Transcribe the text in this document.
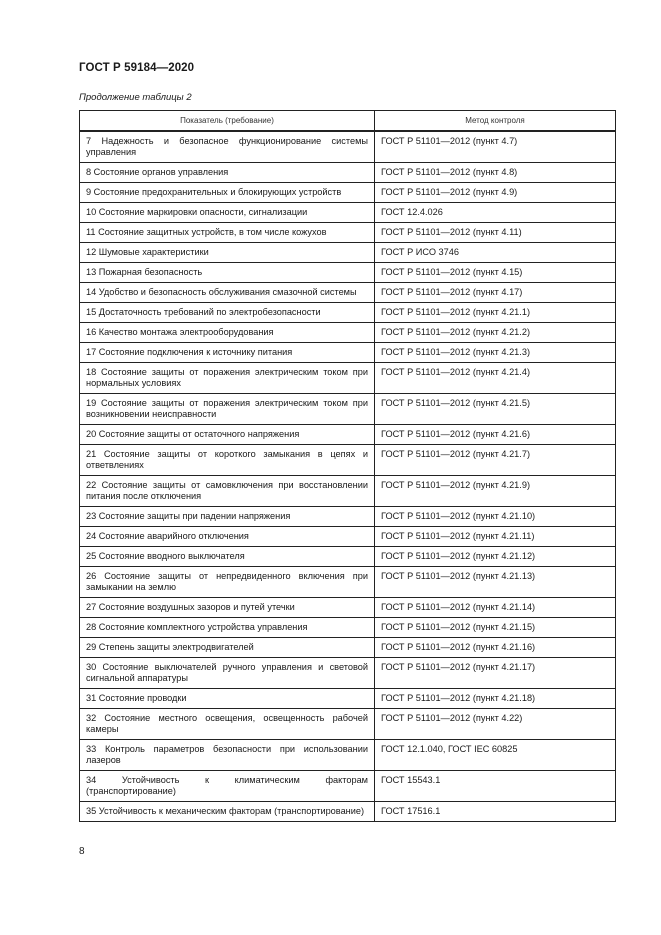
ГОСТ Р 59184—2020
Продолжение таблицы 2
Показатель (требование)	Метод контроля
7 Надежность и безопасное функционирование системы управления	ГОСТ Р 51101—2012 (пункт 4.7)
8 Состояние органов управления	ГОСТ Р 51101—2012 (пункт 4.8)
9 Состояние предохранительных и блокирующих устройств	ГОСТ Р 51101—2012 (пункт 4.9)
10 Состояние маркировки опасности, сигнализации	ГОСТ 12.4.026
11 Состояние защитных устройств, в том числе кожухов	ГОСТ Р 51101—2012 (пункт 4.11)
12 Шумовые характеристики	ГОСТ Р ИСО 3746
13 Пожарная безопасность	ГОСТ Р 51101—2012 (пункт 4.15)
14 Удобство и безопасность обслуживания смазочной системы	ГОСТ Р 51101—2012 (пункт 4.17)
15 Достаточность требований по электробезопасности	ГОСТ Р 51101—2012 (пункт 4.21.1)
16 Качество монтажа электрооборудования	ГОСТ Р 51101—2012 (пункт 4.21.2)
17 Состояние подключения к источнику питания	ГОСТ Р 51101—2012 (пункт 4.21.3)
18 Состояние защиты от поражения электрическим током при нормальных условиях	ГОСТ Р 51101—2012 (пункт 4.21.4)
19 Состояние защиты от поражения электрическим током при возникновении неисправности	ГОСТ Р 51101—2012 (пункт 4.21.5)
20 Состояние защиты от остаточного напряжения	ГОСТ Р 51101—2012 (пункт 4.21.6)
21 Состояние защиты от короткого замыкания в цепях и ответвлениях	ГОСТ Р 51101—2012 (пункт 4.21.7)
22 Состояние защиты от самовключения при восстановлении питания после отключения	ГОСТ Р 51101—2012 (пункт 4.21.9)
23 Состояние защиты при падении напряжения	ГОСТ Р 51101—2012 (пункт 4.21.10)
24 Состояние аварийного отключения	ГОСТ Р 51101—2012 (пункт 4.21.11)
25 Состояние вводного выключателя	ГОСТ Р 51101—2012 (пункт 4.21.12)
26 Состояние защиты от непредвиденного включения при замыкании на землю	ГОСТ Р 51101—2012 (пункт 4.21.13)
27 Состояние воздушных зазоров и путей утечки	ГОСТ Р 51101—2012 (пункт 4.21.14)
28 Состояние комплектного устройства управления	ГОСТ Р 51101—2012 (пункт 4.21.15)
29 Степень защиты электродвигателей	ГОСТ Р 51101—2012 (пункт 4.21.16)
30 Состояние выключателей ручного управления и световой сигнальной аппаратуры	ГОСТ Р 51101—2012 (пункт 4.21.17)
31 Состояние проводки	ГОСТ Р 51101—2012 (пункт 4.21.18)
32 Состояние местного освещения, освещенность рабочей камеры	ГОСТ Р 51101—2012 (пункт 4.22)
33 Контроль параметров безопасности при использовании лазеров	ГОСТ 12.1.040, ГОСТ IEC 60825
34 Устойчивость к климатическим факторам (транспортирование)	ГОСТ 15543.1
35 Устойчивость к механическим факторам (транспортирование)	ГОСТ 17516.1
8
